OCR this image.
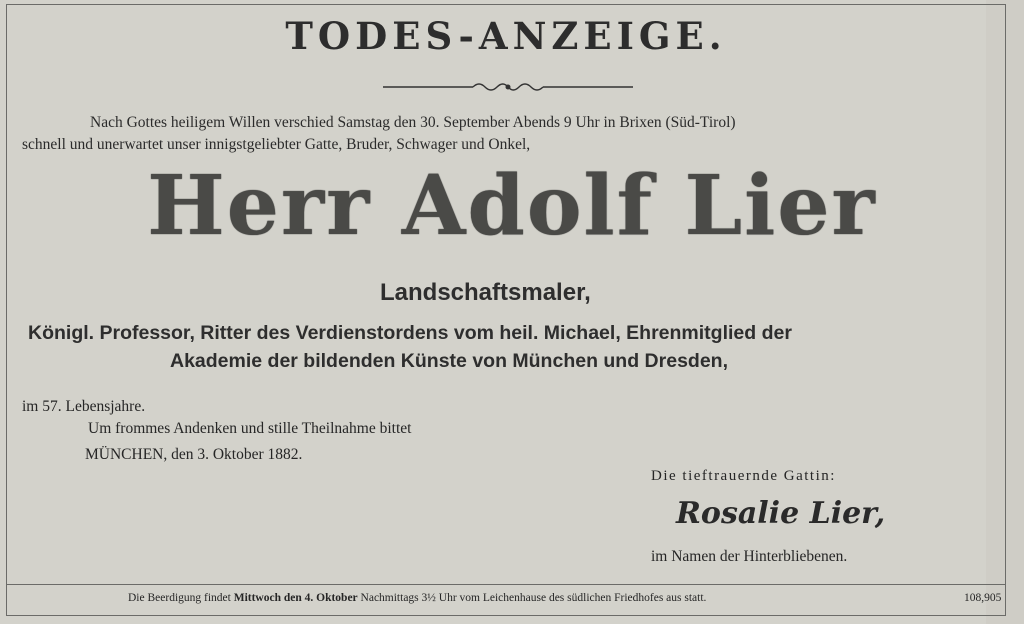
TODES-ANZEIGE.
Nach Gottes heiligem Willen verschied Samstag den 30. September Abends 9 Uhr in Brixen (Süd-Tirol)
schnell und unerwartet unser innigstgeliebter Gatte, Bruder, Schwager und Onkel,
Herr Adolf Lier
Landschaftsmaler,
Königl. Professor, Ritter des Verdienstordens vom heil. Michael, Ehrenmitglied der
Akademie der bildenden Künste von München und Dresden,
im 57. Lebensjahre.
Um frommes Andenken und stille Theilnahme bittet
MÜNCHEN, den 3. Oktober 1882.
Die tieftrauernde Gattin:
Rosalie Lier,
im Namen der Hinterbliebenen.
Die Beerdigung findet Mittwoch den 4. Oktober Nachmittags 3½ Uhr vom Leichenhause des südlichen Friedhofes aus statt.	108,905
